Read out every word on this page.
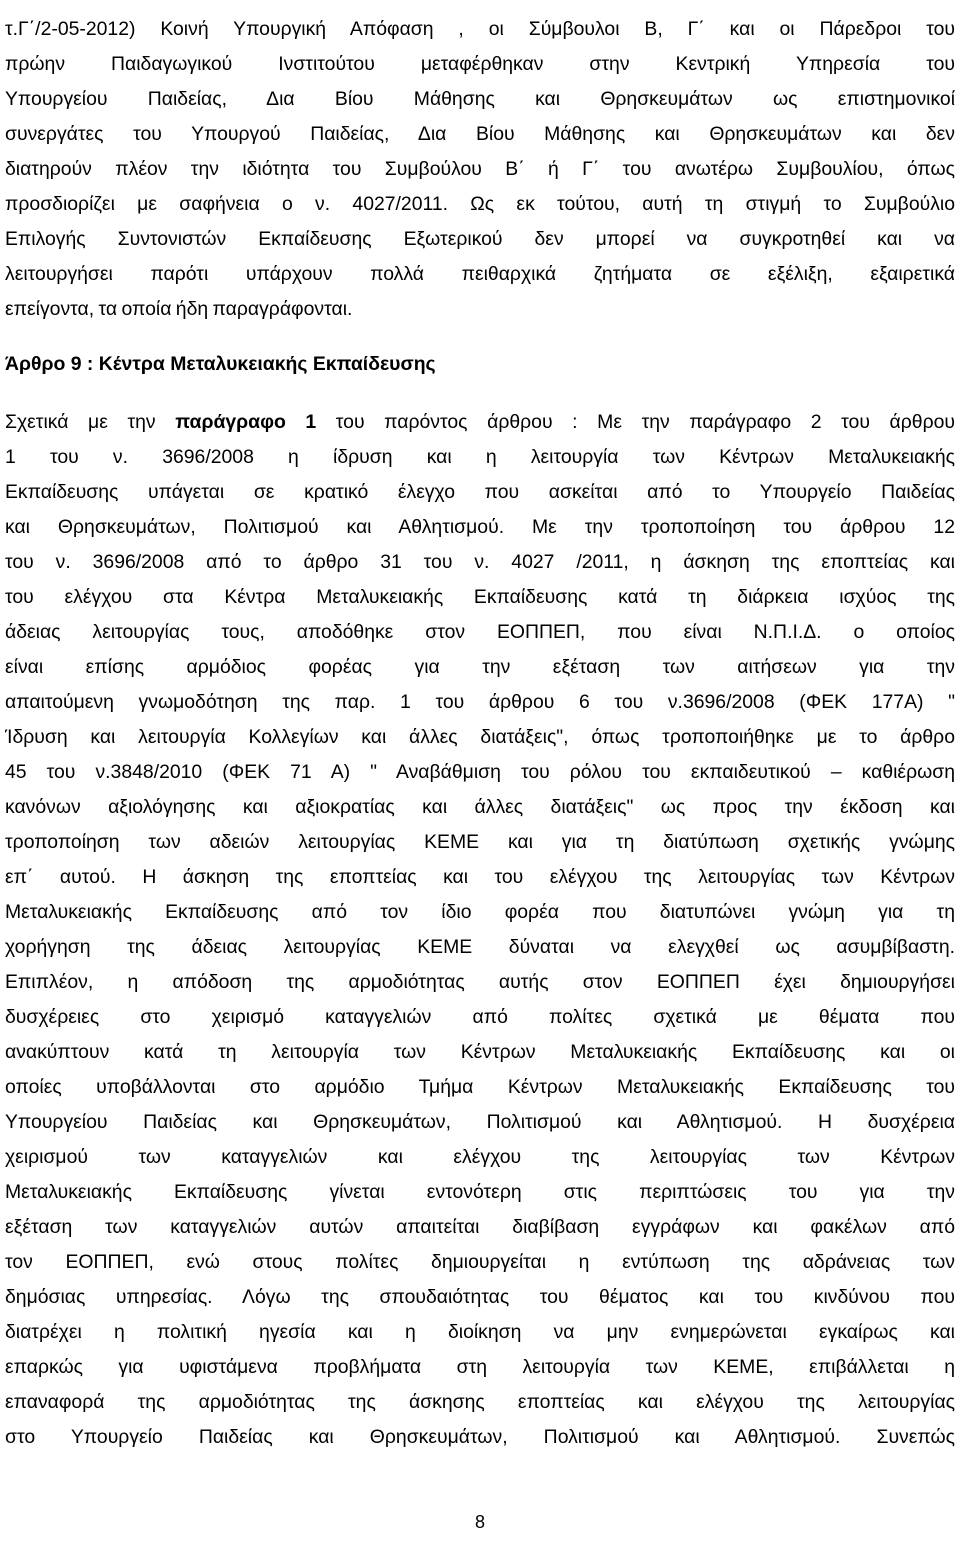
τ.Γ΄/2-05-2012) Κοινή Υπουργική Απόφαση , οι Σύμβουλοι Β, Γ΄ και οι Πάρεδροι του

πρώην Παιδαγωγικού Ινστιτούτου μεταφέρθηκαν στην Κεντρική Υπηρεσία του

Υπουργείου Παιδείας, Δια Βίου Μάθησης και Θρησκευμάτων ως επιστημονικοί

συνεργάτες του Υπουργού Παιδείας, Δια Βίου Μάθησης και Θρησκευμάτων και δεν

διατηρούν πλέον την ιδιότητα του Συμβούλου Β΄ ή Γ΄ του ανωτέρω Συμβουλίου, όπως

προσδιορίζει με σαφήνεια ο ν. 4027/2011. Ως εκ τούτου, αυτή τη στιγμή το Συμβούλιο

Επιλογής Συντονιστών Εκπαίδευσης Εξωτερικού δεν μπορεί να συγκροτηθεί και να

λειτουργήσει παρότι υπάρχουν πολλά πειθαρχικά ζητήματα σε εξέλιξη, εξαιρετικά

επείγοντα, τα οποία ήδη παραγράφονται.

Άρθρο 9 : Κέντρα Μεταλυκειακής Εκπαίδευσης

Σχετικά με την παράγραφο 1 του παρόντος άρθρου : Με την παράγραφο 2 του άρθρου

1 του ν. 3696/2008 η ίδρυση και η λειτουργία των Κέντρων Μεταλυκειακής

Εκπαίδευσης υπάγεται σε κρατικό έλεγχο που ασκείται από το Υπουργείο Παιδείας

και Θρησκευμάτων, Πολιτισμού και Αθλητισμού. Με την τροποποίηση του άρθρου 12

του ν. 3696/2008 από το άρθρο 31 του ν. 4027 /2011, η άσκηση της εποπτείας και

του ελέγχου στα Κέντρα Μεταλυκειακής Εκπαίδευσης κατά τη διάρκεια ισχύος της

άδειας λειτουργίας τους, αποδόθηκε στον ΕΟΠΠΕΠ, που είναι Ν.Π.Ι.Δ. ο οποίος

είναι επίσης αρμόδιος φορέας για την εξέταση των αιτήσεων για την

απαιτούμενη γνωμοδότηση της παρ. 1 του άρθρου 6 του ν.3696/2008 (ΦΕΚ 177Α) "

Ίδρυση και λειτουργία Κολλεγίων και άλλες διατάξεις", όπως τροποποιήθηκε με το άρθρο

45 του ν.3848/2010 (ΦΕΚ 71 Α) " Αναβάθμιση του ρόλου του εκπαιδευτικού – καθιέρωση

κανόνων αξιολόγησης και αξιοκρατίας και άλλες διατάξεις" ως προς την έκδοση και

τροποποίηση των αδειών λειτουργίας ΚΕΜΕ και για τη διατύπωση σχετικής γνώμης

επ΄ αυτού. Η άσκηση της εποπτείας και του ελέγχου της λειτουργίας των Κέντρων

Μεταλυκειακής Εκπαίδευσης από τον ίδιο φορέα που διατυπώνει γνώμη για τη

χορήγηση της άδειας λειτουργίας ΚΕΜΕ δύναται να ελεγχθεί ως ασυμβίβαστη.

Επιπλέον, η απόδοση της αρμοδιότητας αυτής στον ΕΟΠΠΕΠ έχει δημιουργήσει

δυσχέρειες στο χειρισμό καταγγελιών από πολίτες σχετικά με θέματα που

ανακύπτουν κατά τη λειτουργία των Κέντρων Μεταλυκειακής Εκπαίδευσης και οι

οποίες υποβάλλονται στο αρμόδιο Τμήμα Κέντρων Μεταλυκειακής Εκπαίδευσης του

Υπουργείου Παιδείας και Θρησκευμάτων, Πολιτισμού και Αθλητισμού. Η δυσχέρεια

χειρισμού των καταγγελιών και ελέγχου της λειτουργίας των Κέντρων

Μεταλυκειακής Εκπαίδευσης γίνεται εντονότερη στις περιπτώσεις του για την

εξέταση των καταγγελιών αυτών απαιτείται διαβίβαση εγγράφων και φακέλων από

τον ΕΟΠΠΕΠ, ενώ στους πολίτες δημιουργείται η εντύπωση της αδράνειας των

δημόσιας υπηρεσίας. Λόγω της σπουδαιότητας του θέματος και του κινδύνου που

διατρέχει η πολιτική ηγεσία και η διοίκηση να μην ενημερώνεται εγκαίρως και

επαρκώς για υφιστάμενα προβλήματα στη λειτουργία των ΚΕΜΕ, επιβάλλεται η

επαναφορά της αρμοδιότητας της άσκησης εποπτείας και ελέγχου της λειτουργίας

στο Υπουργείο Παιδείας και Θρησκευμάτων, Πολιτισμού και Αθλητισμού. Συνεπώς

8
